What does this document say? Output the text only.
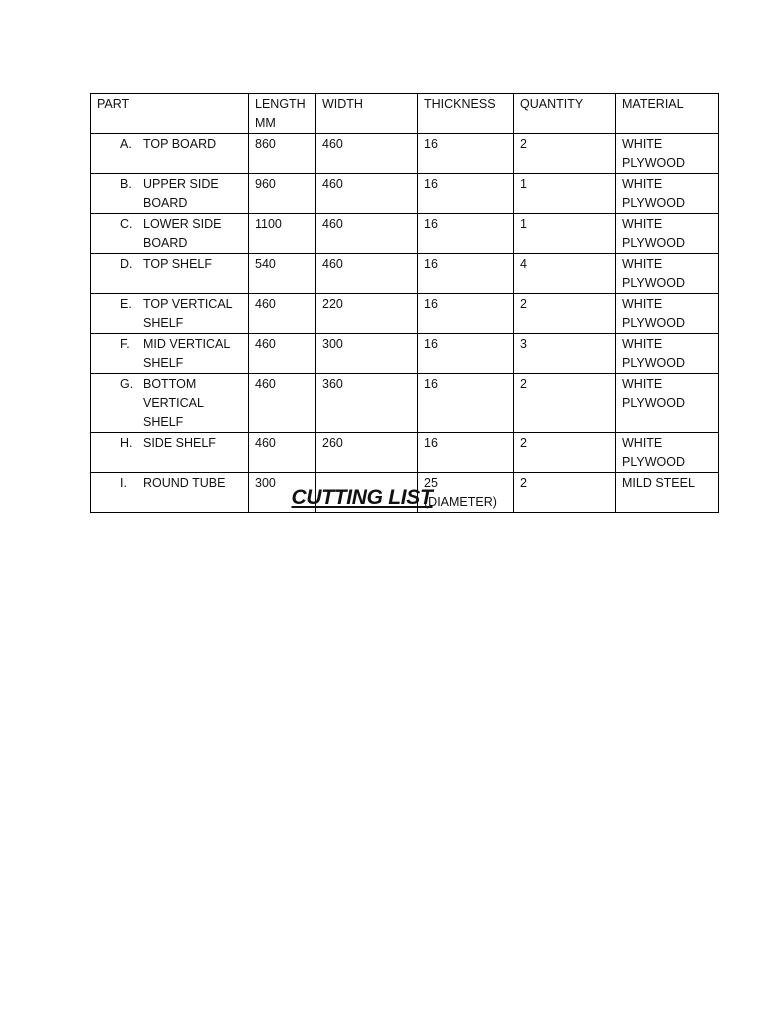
PART	LENGTH MM	WIDTH	THICKNESS	QUANTITY	MATERIAL

A. TOP BOARD	860	460	16	2	WHITE PLYWOOD

B. UPPER SIDE BOARD	960	460	16	1	WHITE PLYWOOD

C. LOWER SIDE BOARD	1100	460	16	1	WHITE PLYWOOD

D. TOP SHELF	540	460	16	4	WHITE PLYWOOD

E. TOP VERTICAL SHELF	460	220	16	2	WHITE PLYWOOD

F. MID VERTICAL SHELF	460	300	16	3	WHITE PLYWOOD

G. BOTTOM VERTICAL SHELF	460	360	16	2	WHITE PLYWOOD

H. SIDE SHELF	460	260	16	2	WHITE PLYWOOD

I. ROUND TUBE	300		25 (DIAMETER)	2	MILD STEEL
CUTTING LIST
